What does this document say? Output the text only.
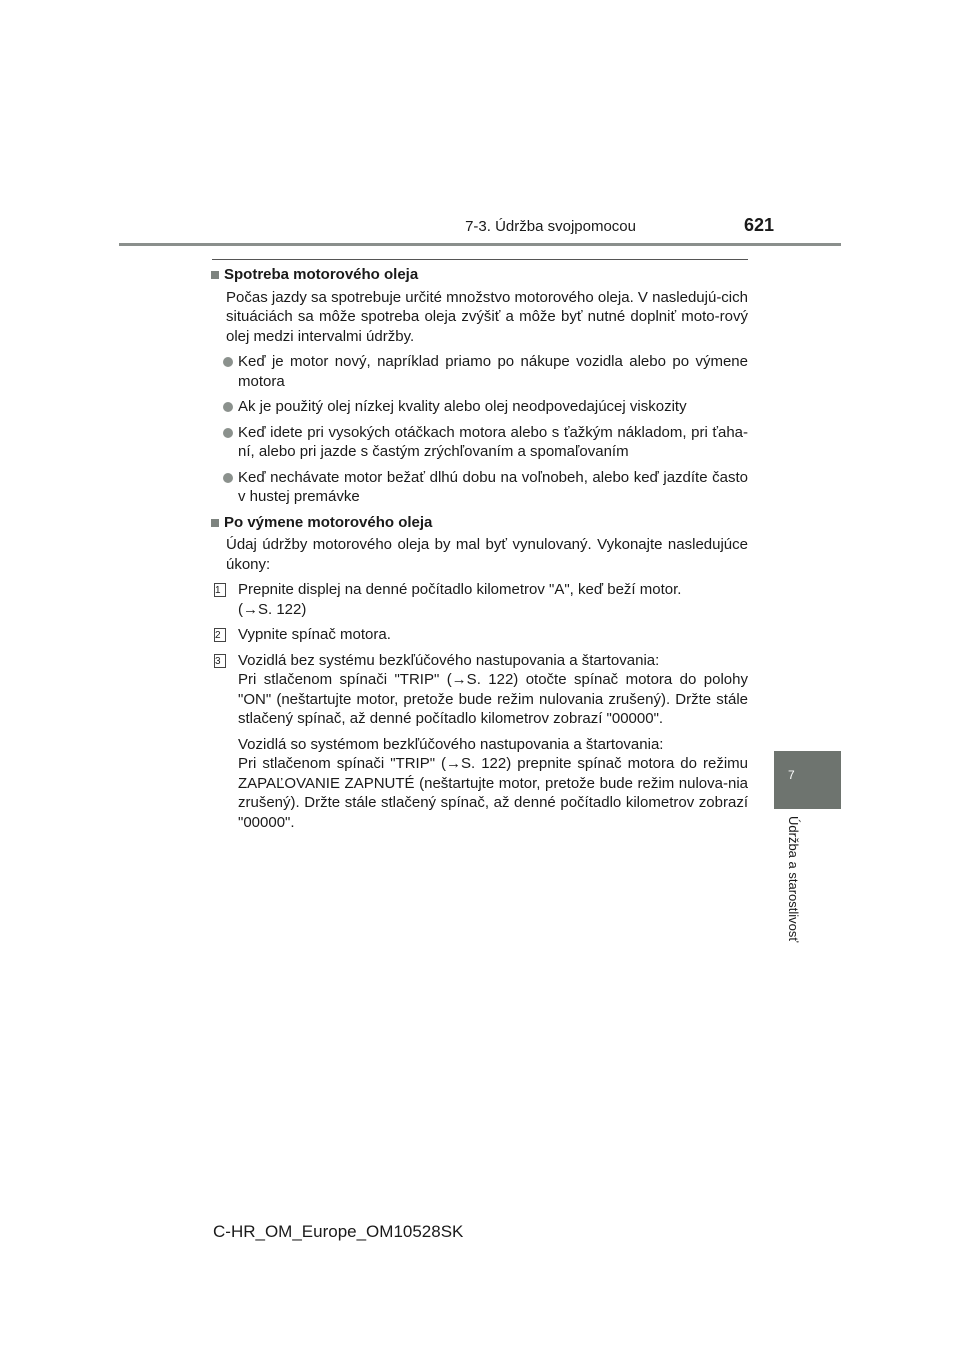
7-3. Údržba svojpomocou	621
Spotreba motorového oleja
Počas jazdy sa spotrebuje určité množstvo motorového oleja. V nasledujú-cich situáciách sa môže spotreba oleja zvýšiť a môže byť nutné doplniť moto-rový olej medzi intervalmi údržby.
Keď je motor nový, napríklad priamo po nákupe vozidla alebo po výmene motora
Ak je použitý olej nízkej kvality alebo olej neodpovedajúcej viskozity
Keď idete pri vysokých otáčkach motora alebo s ťažkým nákladom, pri ťaha-ní, alebo pri jazde s častým zrýchľovaním a spomaľovaním
Keď nechávate motor bežať dlhú dobu na voľnobeh, alebo keď jazdíte často v hustej premávke
Po výmene motorového oleja
Údaj údržby motorového oleja by mal byť vynulovaný. Vykonajte nasledujúce úkony:
1	Prepnite displej na denné počítadlo kilometrov "A", keď beží motor.
(→S. 122)
2	Vypnite spínač motora.
3	Vozidlá bez systému bezkľúčového nastupovania a štartovania:
Pri stlačenom spínači "TRIP" (→S. 122) otočte spínač motora do polohy "ON" (neštartujte motor, pretože bude režim nulovania zrušený). Držte stále stlačený spínač, až denné počítadlo kilometrov zobrazí "00000".
Vozidlá so systémom bezkľúčového nastupovania a štartovania:
Pri stlačenom spínači "TRIP" (→S. 122) prepnite spínač motora do režimu ZAPAĽOVANIE ZAPNUTÉ (neštartujte motor, pretože bude režim nulova-nia zrušený). Držte stále stlačený spínač, až denné počítadlo kilometrov zobrazí "00000".
7
Údržba a starostlivosť
C-HR_OM_Europe_OM10528SK
